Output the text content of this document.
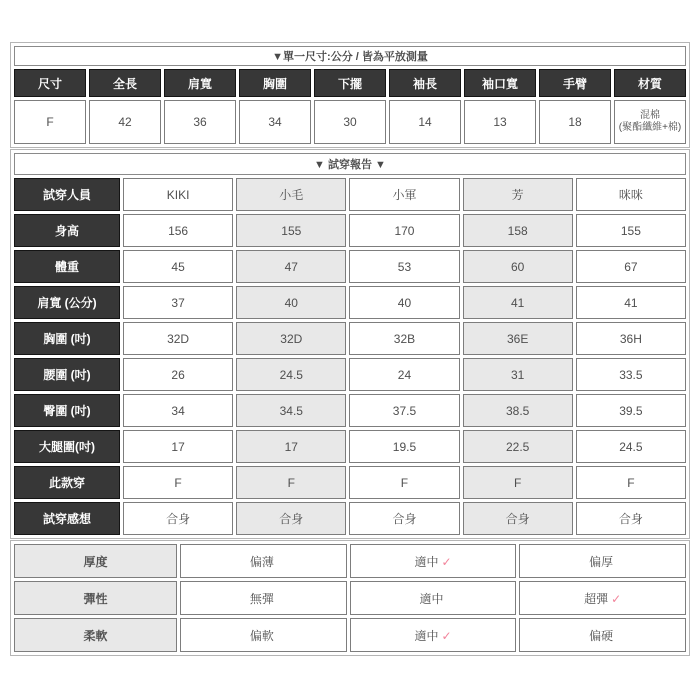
▼單一尺寸:公分 / 皆為平放測量								
尺寸	全長	肩寬	胸圍	下擺	袖長	袖口寬	手臂	材質
F	42	36	34	30	14	13	18	混棉
(聚酯纖維+棉)
▼ 試穿報告 ▼					
試穿人員	KIKI	小毛	小軍	芳	咪咪
身高	156	155	170	158	155
體重	45	47	53	60	67
肩寬 (公分)	37	40	40	41	41
胸圍 (吋)	32D	32D	32B	36E	36H
腰圍 (吋)	26	24.5	24	31	33.5
臀圍 (吋)	34	34.5	37.5	38.5	39.5
大腿圍(吋)	17	17	19.5	22.5	24.5
此款穿	F	F	F	F	F
試穿感想	合身	合身	合身	合身	合身
厚度	偏薄	適中 ✓	偏厚
彈性	無彈	適中	超彈 ✓
柔軟	偏軟	適中 ✓	偏硬
